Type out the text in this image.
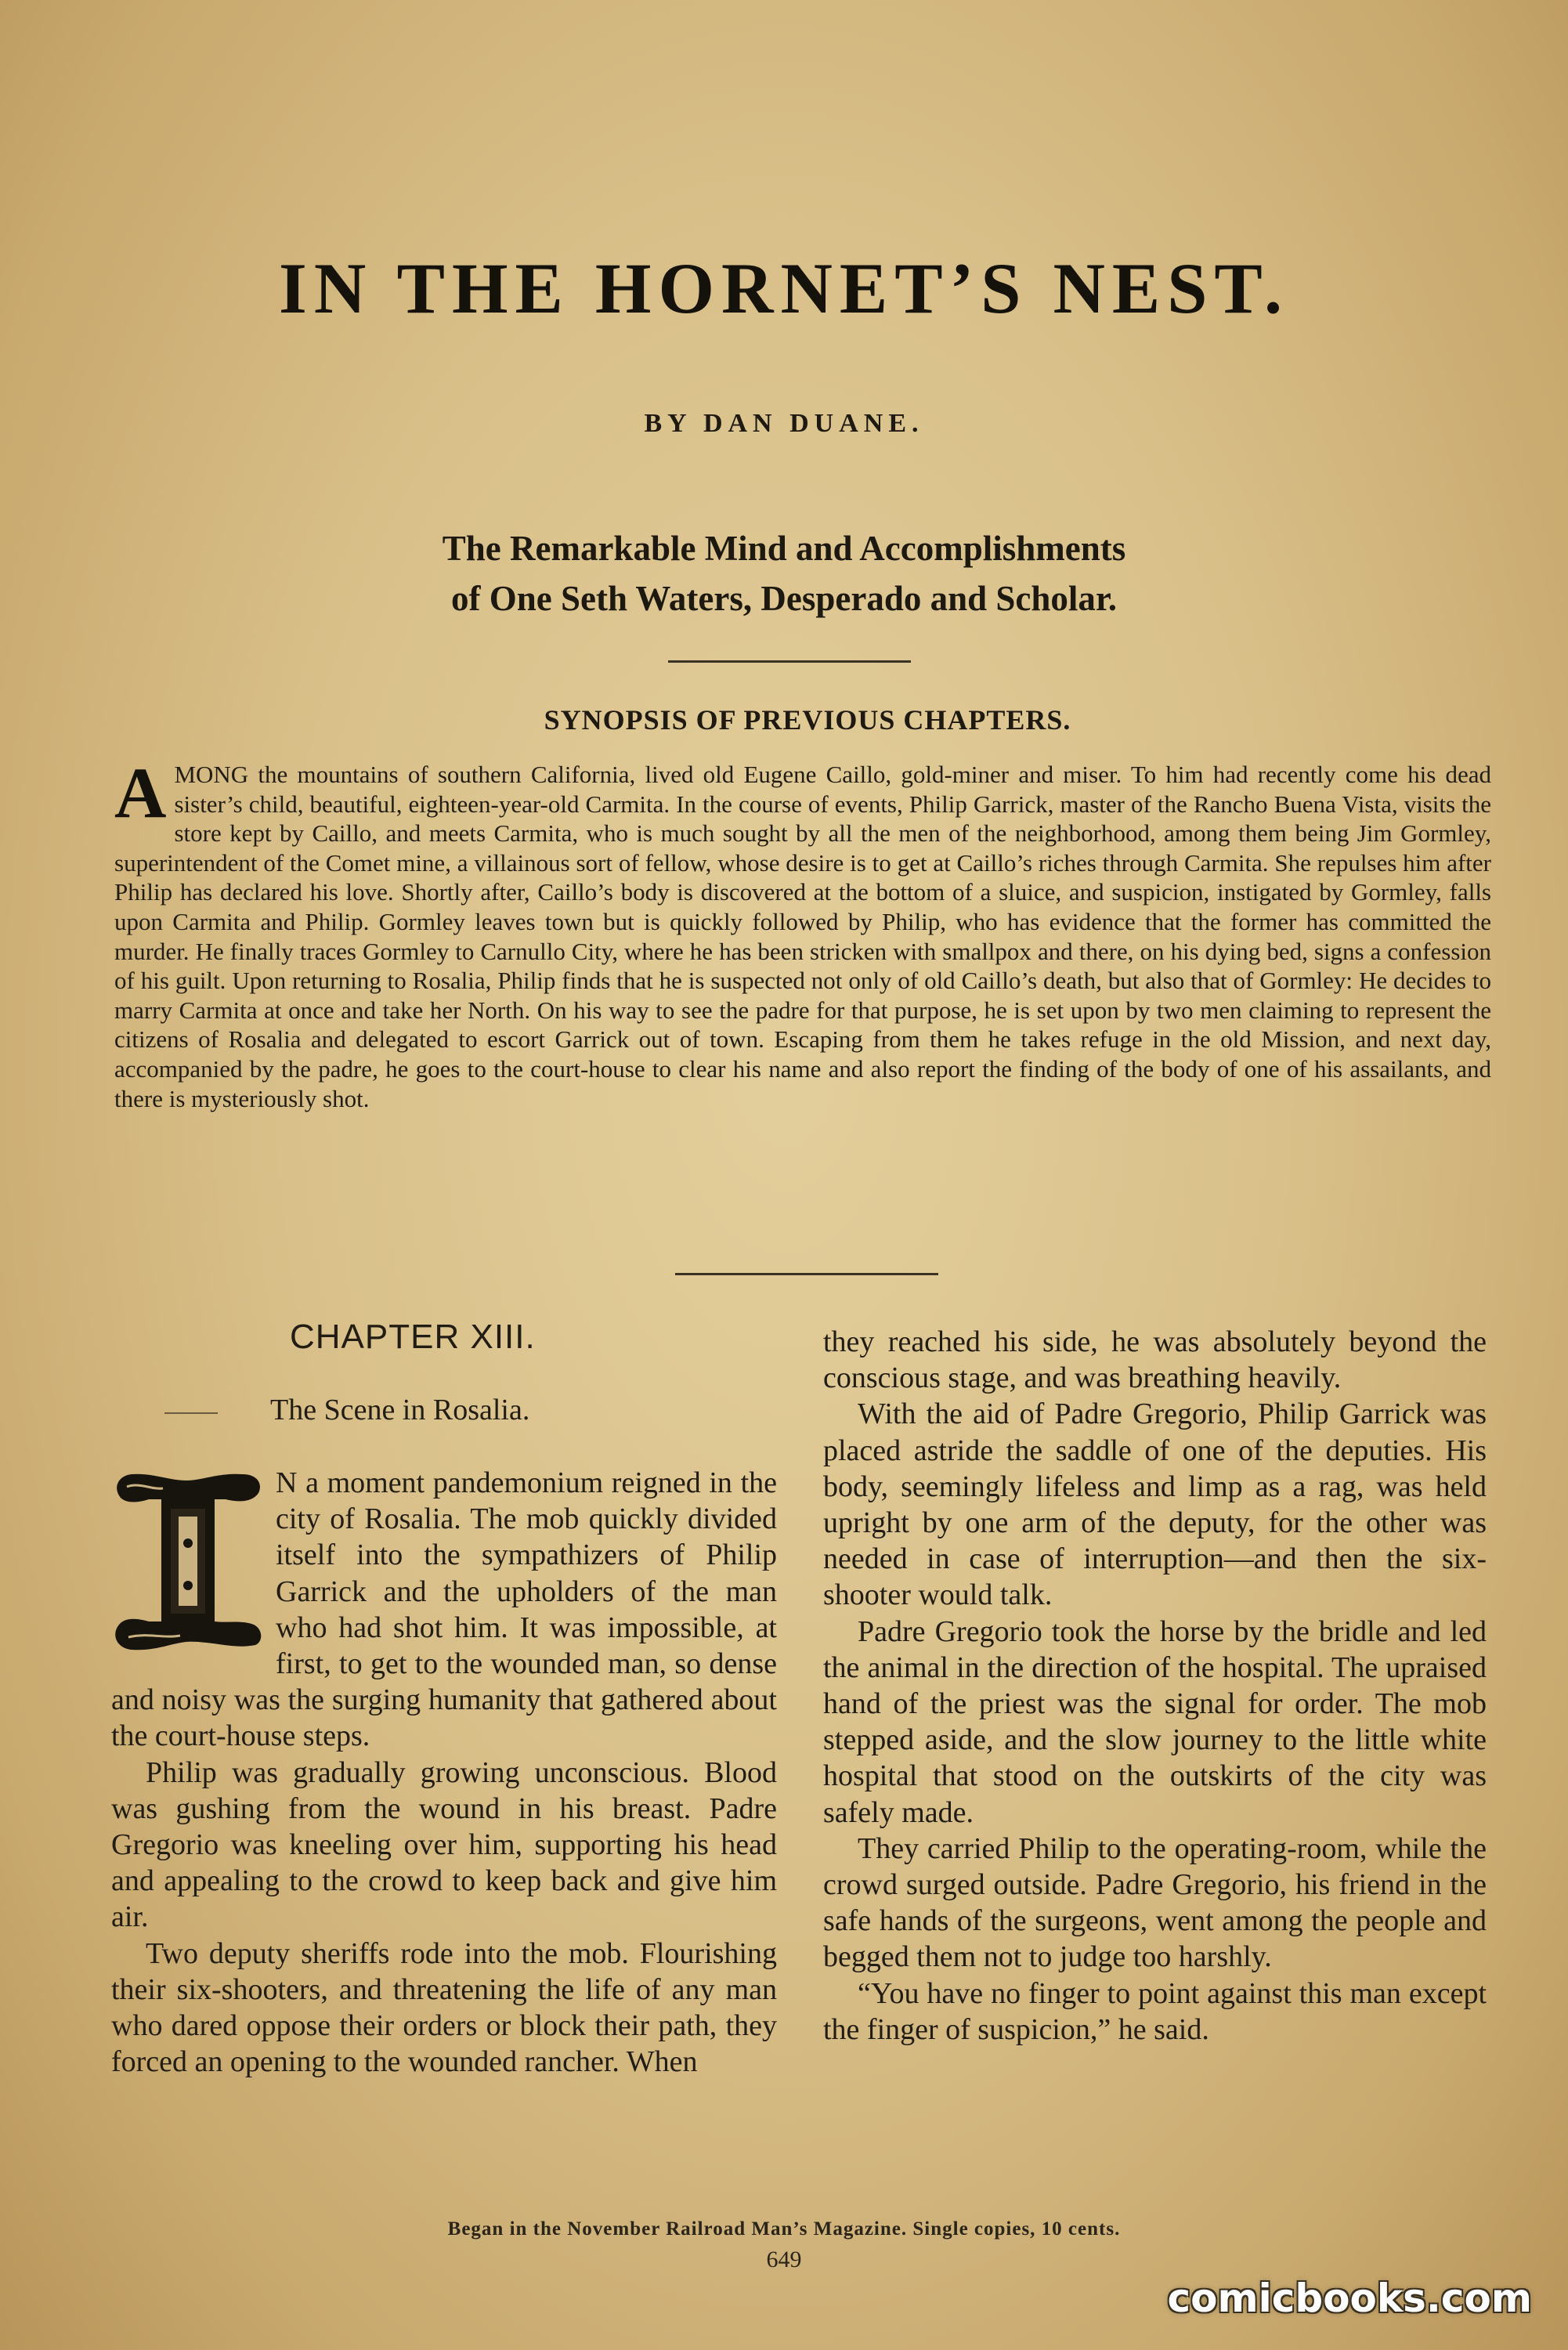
IN THE HORNET’S NEST.
BY DAN DUANE.
The Remarkable Mind and Accomplishments
of One Seth Waters, Desperado and Scholar.
SYNOPSIS OF PREVIOUS CHAPTERS.
A MONG the mountains of southern California, lived old Eugene Caillo, gold-miner and miser. To him had recently come his dead sister’s child, beautiful, eighteen-year-old Carmita. In the course of events, Philip Garrick, master of the Rancho Buena Vista, visits the store kept by Caillo, and meets Carmita, who is much sought by all the men of the neighborhood, among them being Jim Gormley, superintendent of the Comet mine, a villainous sort of fellow, whose desire is to get at Caillo’s riches through Carmita. She repulses him after Philip has declared his love. Shortly after, Caillo’s body is discovered at the bottom of a sluice, and suspicion, instigated by Gormley, falls upon Carmita and Philip. Gormley leaves town but is quickly followed by Philip, who has evidence that the former has committed the murder. He finally traces Gormley to Carnullo City, where he has been stricken with smallpox and there, on his dying bed, signs a confession of his guilt. Upon returning to Rosalia, Philip finds that he is suspected not only of old Caillo’s death, but also that of Gormley: He decides to marry Carmita at once and take her North. On his way to see the padre for that purpose, he is set upon by two men claiming to represent the citizens of Rosalia and delegated to escort Garrick out of town. Escaping from them he takes refuge in the old Mission, and next day, accompanied by the padre, he goes to the court-house to clear his name and also report the finding of the body of one of his assailants, and there is mysteriously shot.
CHAPTER XIII.
The Scene in Rosalia.

N a moment pandemonium reigned in the city of Rosalia. The mob quickly divided itself into the sympathizers of Philip Garrick and the upholders of the man who had shot him. It was impossible, at first, to get to the wounded man, so dense and noisy was the surging humanity that gathered about the court-house steps.

Philip was gradually growing unconscious. Blood was gushing from the wound in his breast. Padre Gregorio was kneeling over him, supporting his head and appealing to the crowd to keep back and give him air.

Two deputy sheriffs rode into the mob. Flourishing their six-shooters, and threatening the life of any man who dared oppose their orders or block their path, they forced an opening to the wounded rancher. When

they reached his side, he was absolutely beyond the conscious stage, and was breathing heavily.

With the aid of Padre Gregorio, Philip Garrick was placed astride the saddle of one of the deputies. His body, seemingly lifeless and limp as a rag, was held upright by one arm of the deputy, for the other was needed in case of interruption—and then the six-shooter would talk.

Padre Gregorio took the horse by the bridle and led the animal in the direction of the hospital. The upraised hand of the priest was the signal for order. The mob stepped aside, and the slow journey to the little white hospital that stood on the outskirts of the city was safely made.

They carried Philip to the operating-room, while the crowd surged outside. Padre Gregorio, his friend in the safe hands of the surgeons, went among the people and begged them not to judge too harshly.

“You have no finger to point against this man except the finger of suspicion,” he said.

Began in the November Railroad Man’s Magazine. Single copies, 10 cents.
649
comicbooks.com
